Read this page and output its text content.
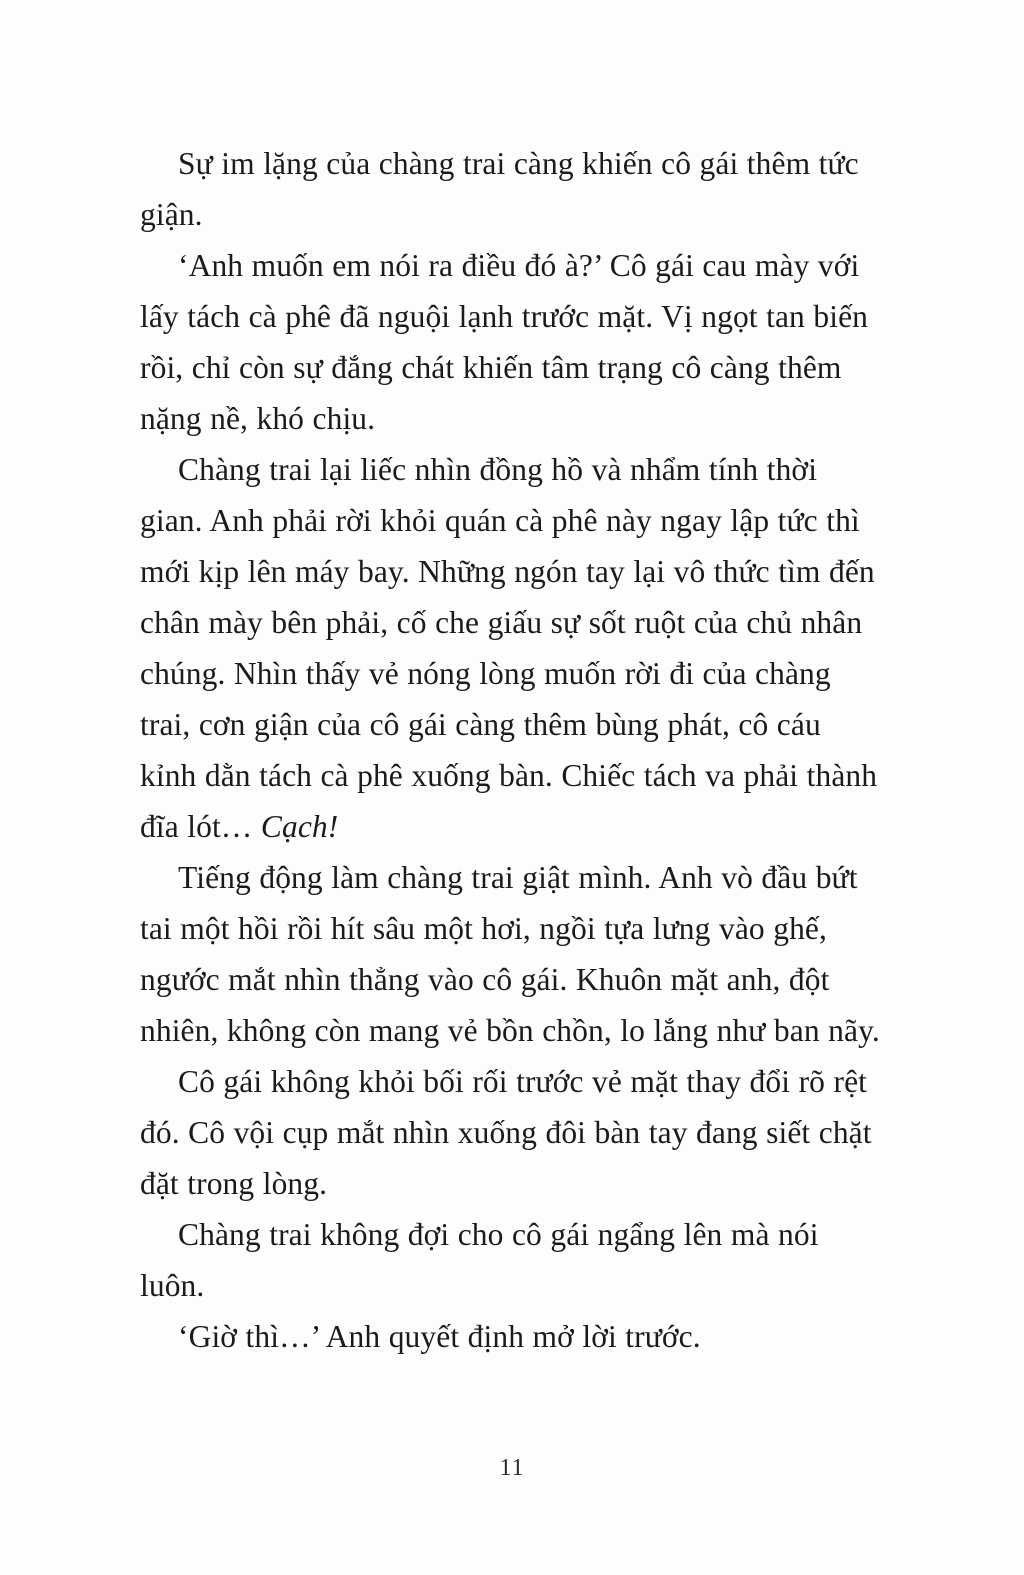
Sự im lặng của chàng trai càng khiến cô gái thêm tức giận.

‘Anh muốn em nói ra điều đó à?’ Cô gái cau mày với lấy tách cà phê đã nguội lạnh trước mặt. Vị ngọt tan biến rồi, chỉ còn sự đắng chát khiến tâm trạng cô càng thêm nặng nề, khó chịu.

Chàng trai lại liếc nhìn đồng hồ và nhẩm tính thời gian. Anh phải rời khỏi quán cà phê này ngay lập tức thì mới kịp lên máy bay. Những ngón tay lại vô thức tìm đến chân mày bên phải, cố che giấu sự sốt ruột của chủ nhân chúng. Nhìn thấy vẻ nóng lòng muốn rời đi của chàng trai, cơn giận của cô gái càng thêm bùng phát, cô cáu kỉnh dằn tách cà phê xuống bàn. Chiếc tách va phải thành đĩa lót… Cạch!

Tiếng động làm chàng trai giật mình. Anh vò đầu bứt tai một hồi rồi hít sâu một hơi, ngồi tựa lưng vào ghế, ngước mắt nhìn thẳng vào cô gái. Khuôn mặt anh, đột nhiên, không còn mang vẻ bồn chồn, lo lắng như ban nãy.

Cô gái không khỏi bối rối trước vẻ mặt thay đổi rõ rệt đó. Cô vội cụp mắt nhìn xuống đôi bàn tay đang siết chặt đặt trong lòng.

Chàng trai không đợi cho cô gái ngẩng lên mà nói luôn.

‘Giờ thì…’ Anh quyết định mở lời trước.

11
